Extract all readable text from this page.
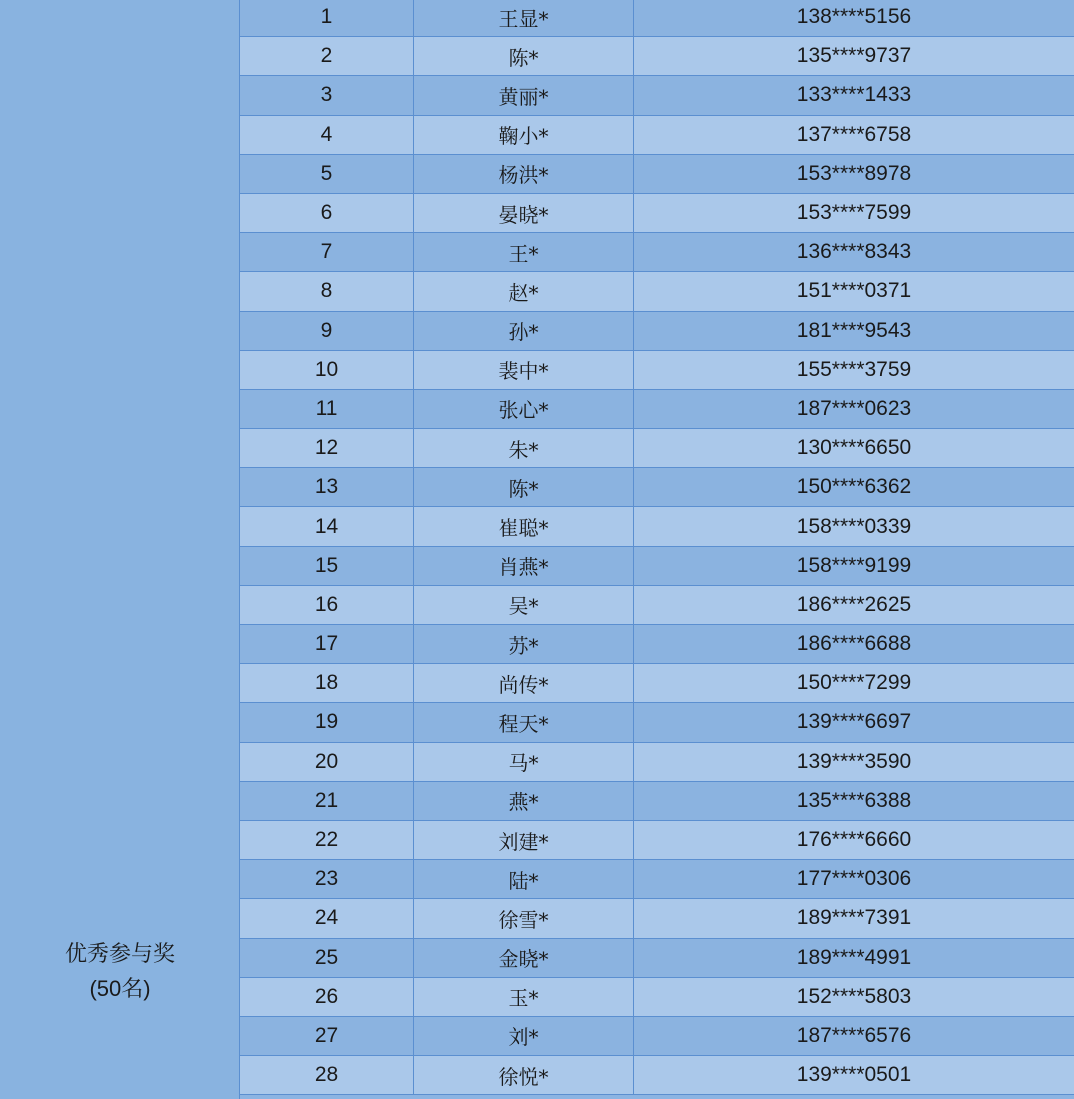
优秀参与奖
(50名)
1	王显*	138****5156
2	陈*	135****9737
3	黄丽*	133****1433
4	鞠小*	137****6758
5	杨洪*	153****8978
6	晏晓*	153****7599
7	王*	136****8343
8	赵*	151****0371
9	孙*	181****9543
10	裴中*	155****3759
11	张心*	187****0623
12	朱*	130****6650
13	陈*	150****6362
14	崔聪*	158****0339
15	肖燕*	158****9199
16	吴*	186****2625
17	苏*	186****6688
18	尚传*	150****7299
19	程天*	139****6697
20	马*	139****3590
21	燕*	135****6388
22	刘建*	176****6660
23	陆*	177****0306
24	徐雪*	189****7391
25	金晓*	189****4991
26	玉*	152****5803
27	刘*	187****6576
28	徐悦*	139****0501
